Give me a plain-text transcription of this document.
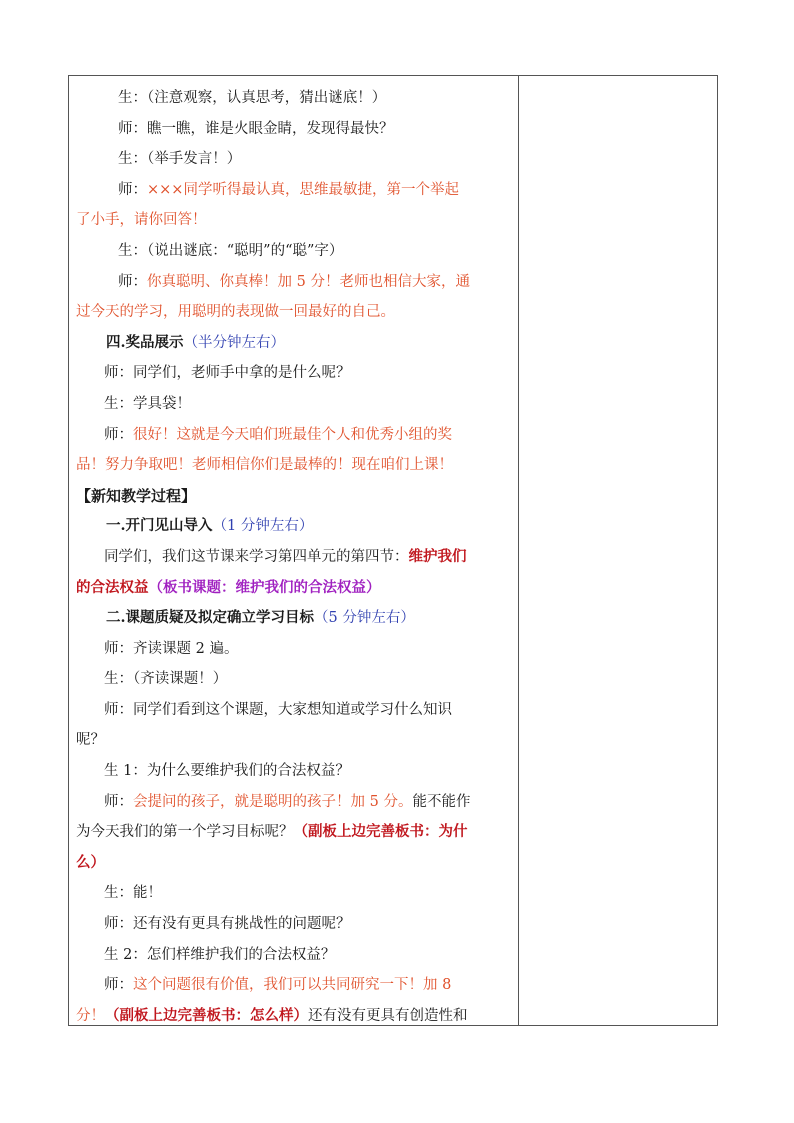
生：（注意观察，认真思考，猜出谜底！）
师：瞧一瞧，谁是火眼金睛，发现得最快？
生：（举手发言！）
师：×××同学听得最认真，思维最敏捷，第一个举起
了小手，请你回答！
生：（说出谜底：“聪明”的“聪”字）
师：你真聪明、你真棒！加 5 分！老师也相信大家，通
过今天的学习，用聪明的表现做一回最好的自己。
四.奖品展示（半分钟左右）
师：同学们，老师手中拿的是什么呢？
生：学具袋！
师：很好！这就是今天咱们班最佳个人和优秀小组的奖
品！努力争取吧！老师相信你们是最棒的！现在咱们上课！
【新知教学过程】
一.开门见山导入（1 分钟左右）
同学们，我们这节课来学习第四单元的第四节：维护我们
的合法权益（板书课题：维护我们的合法权益）
二.课题质疑及拟定确立学习目标（5 分钟左右）
师：齐读课题 2 遍。
生：（齐读课题！）
师：同学们看到这个课题，大家想知道或学习什么知识
呢？
生 1：为什么要维护我们的合法权益？
师：会提问的孩子，就是聪明的孩子！加 5 分。能不能作
为今天我们的第一个学习目标呢？（副板上边完善板书：为什
么）
生：能！
师：还有没有更具有挑战性的问题呢？
生 2：怎们样维护我们的合法权益？
师：这个问题很有价值，我们可以共同研究一下！加 8
分！（副板上边完善板书：怎么样）还有没有更具有创造性和
